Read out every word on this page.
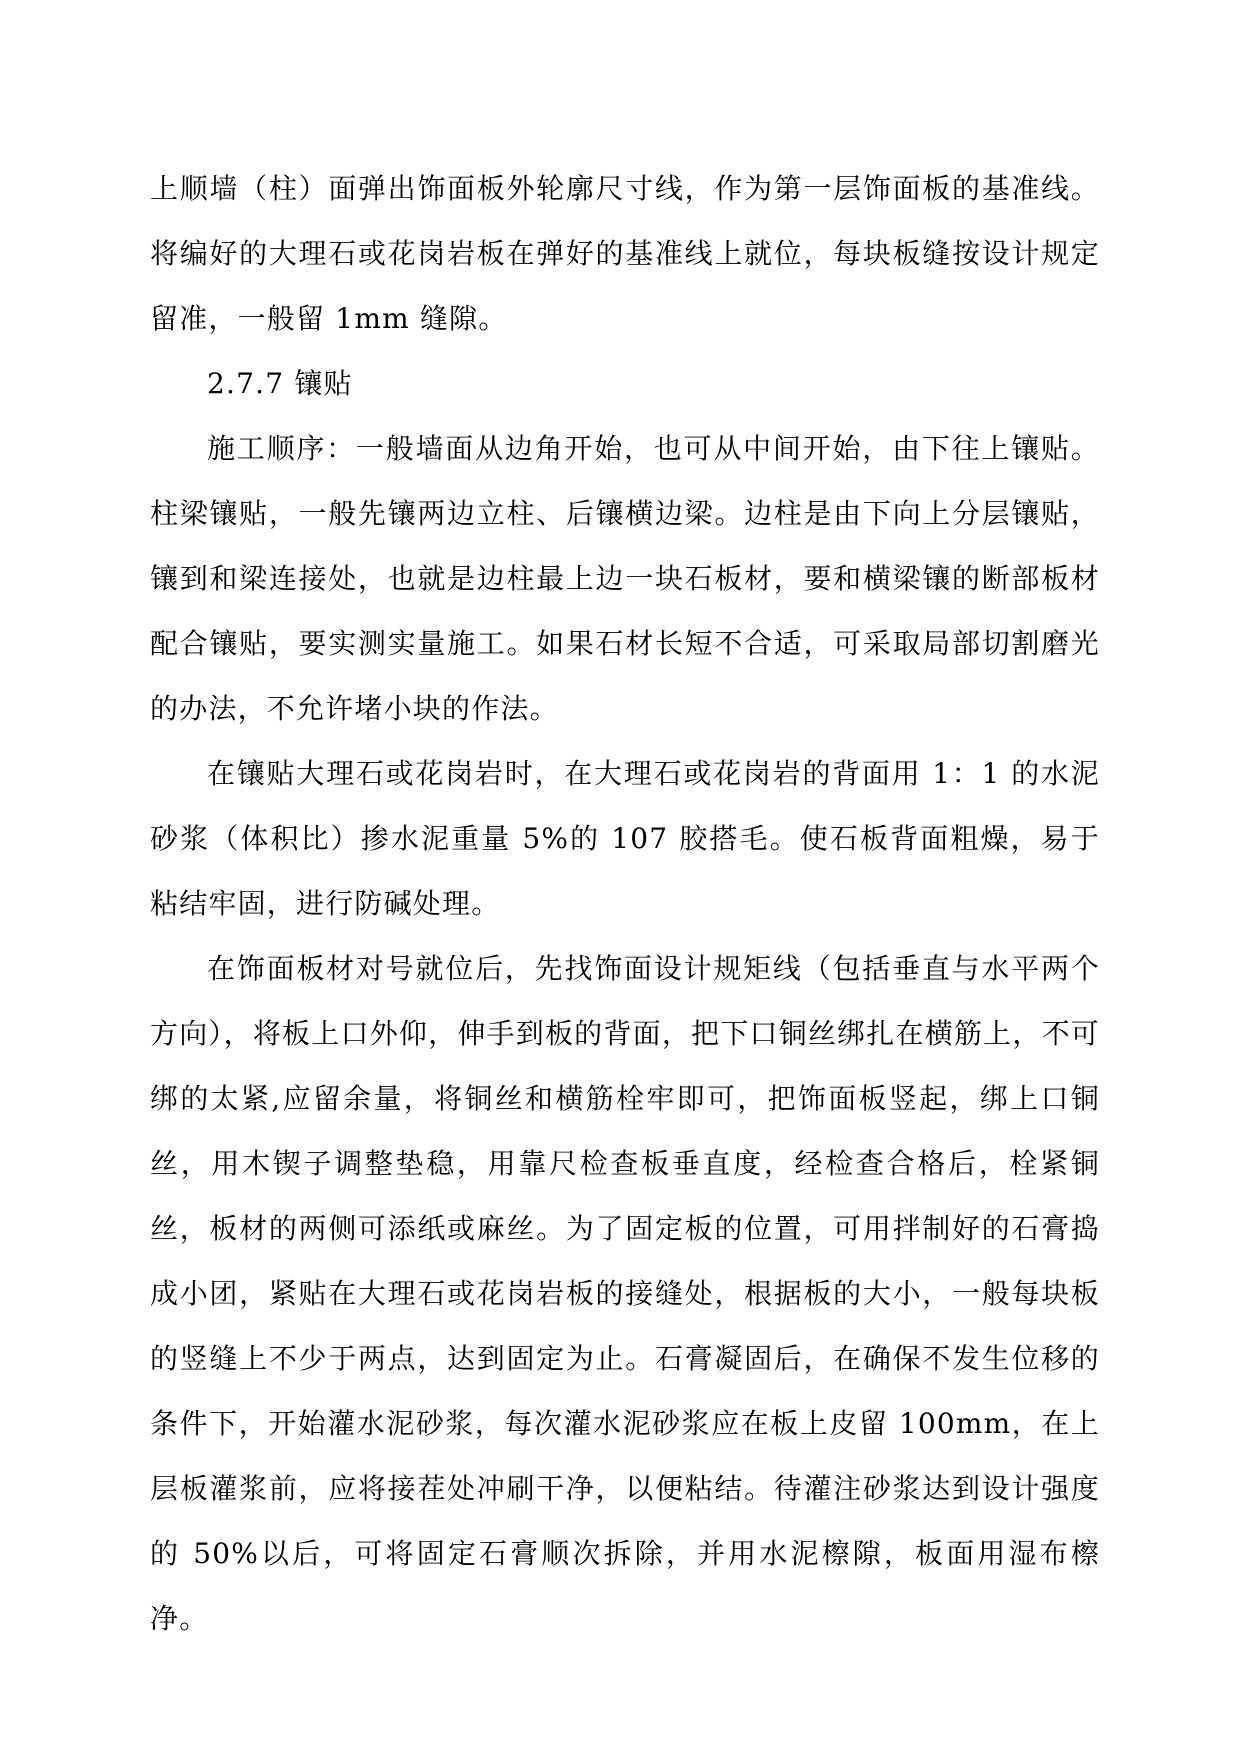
上顺墙（柱）面弹出饰面板外轮廓尺寸线，作为第一层饰面板的基准线。将编好的大理石或花岗岩板在弹好的基准线上就位，每块板缝按设计规定留准，一般留 1mm 缝隙。

2.7.7 镶贴

施工顺序：一般墙面从边角开始，也可从中间开始，由下往上镶贴。柱梁镶贴，一般先镶两边立柱、后镶横边梁。边柱是由下向上分层镶贴，镶到和梁连接处，也就是边柱最上边一块石板材，要和横梁镶的断部板材配合镶贴，要实测实量施工。如果石材长短不合适，可采取局部切割磨光的办法，不允许堵小块的作法。

在镶贴大理石或花岗岩时，在大理石或花岗岩的背面用 1：1 的水泥砂浆（体积比）掺水泥重量 5%的 107 胶搭毛。使石板背面粗燥，易于粘结牢固，进行防碱处理。

在饰面板材对号就位后，先找饰面设计规矩线（包括垂直与水平两个方向），将板上口外仰，伸手到板的背面，把下口铜丝绑扎在横筋上，不可绑的太紧,应留余量，将铜丝和横筋栓牢即可，把饰面板竖起，绑上口铜丝，用木锲子调整垫稳，用靠尺检查板垂直度，经检查合格后，栓紧铜丝，板材的两侧可添纸或麻丝。为了固定板的位置，可用拌制好的石膏捣成小团，紧贴在大理石或花岗岩板的接缝处，根据板的大小，一般每块板的竖缝上不少于两点，达到固定为止。石膏凝固后，在确保不发生位移的条件下，开始灌水泥砂浆，每次灌水泥砂浆应在板上皮留 100mm，在上层板灌浆前，应将接茬处冲刷干净，以便粘结。待灌注砂浆达到设计强度的 50%以后，可将固定石膏顺次拆除，并用水泥檫隙，板面用湿布檫净。
